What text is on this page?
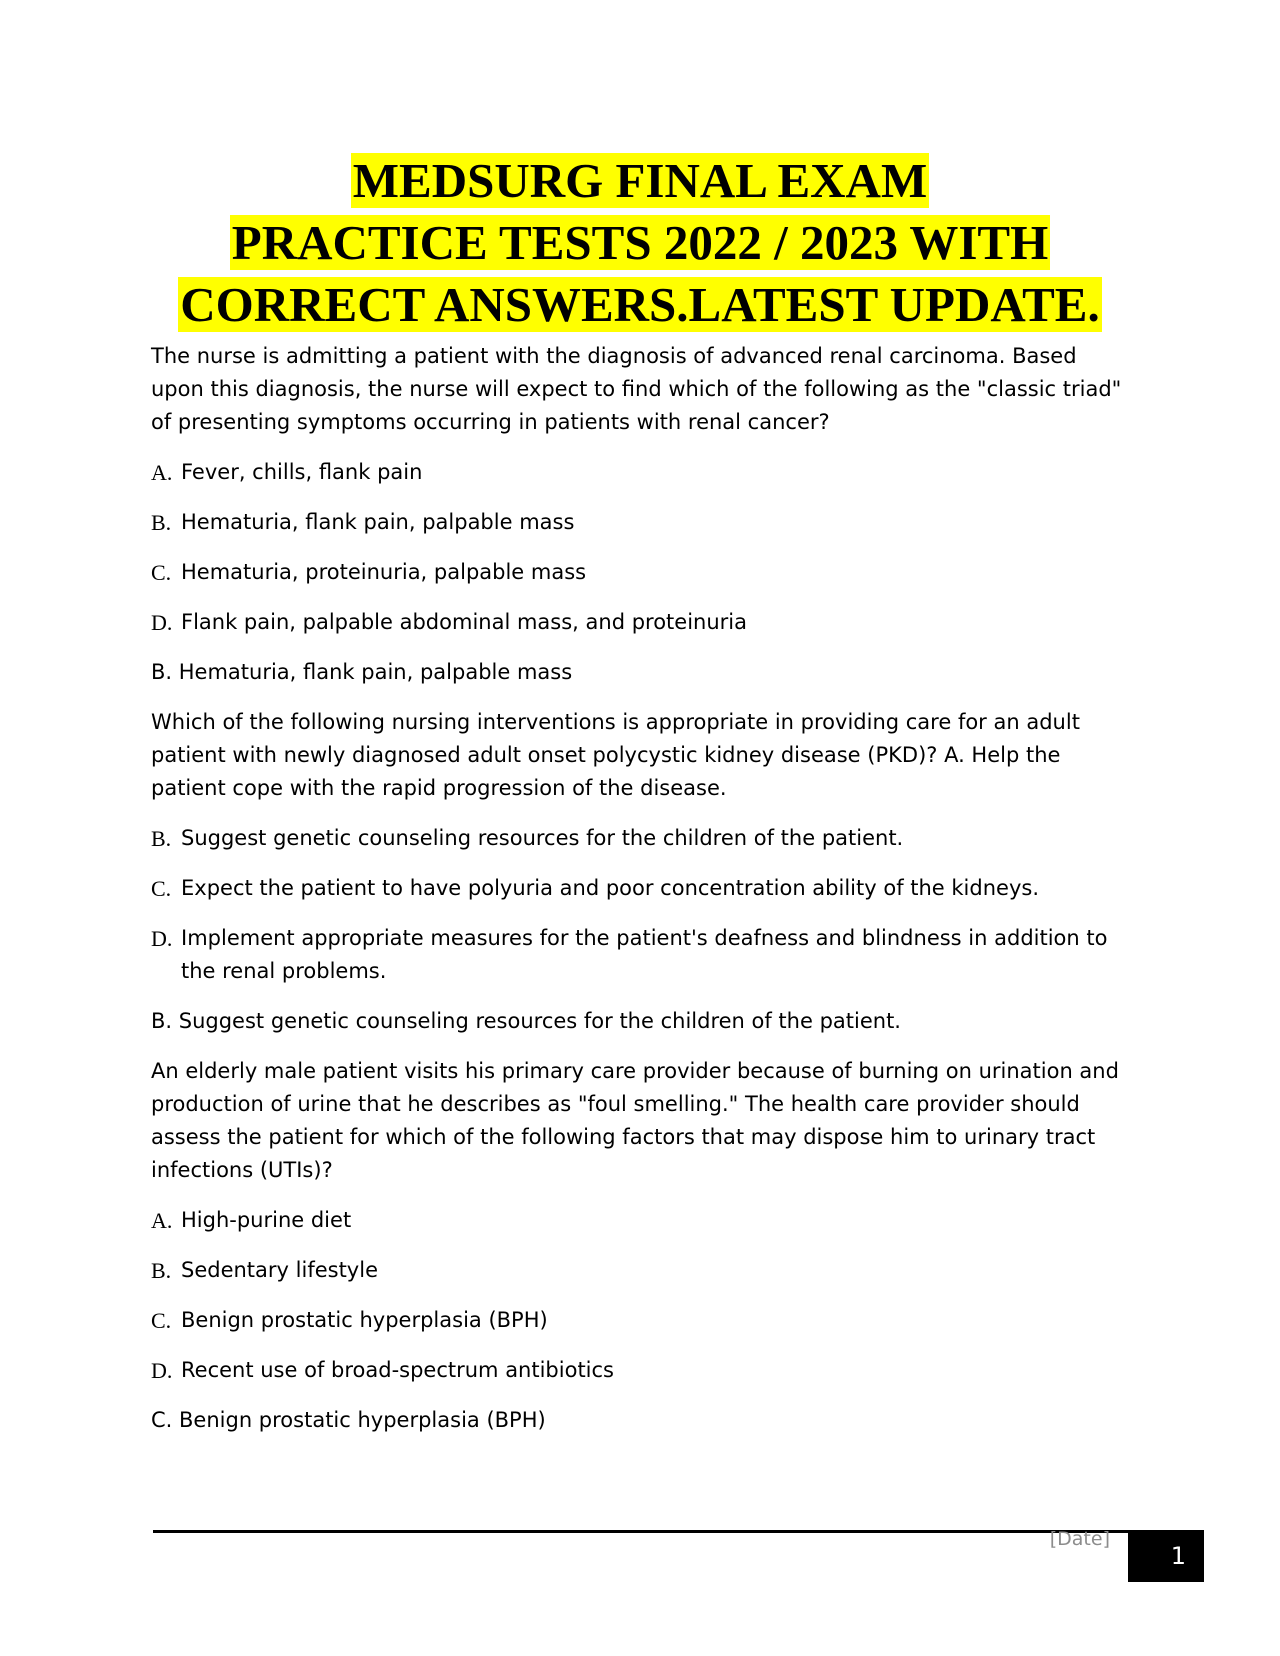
MEDSURG FINAL EXAM
PRACTICE TESTS 2022 / 2023 WITH
CORRECT ANSWERS.LATEST UPDATE.

The nurse is admitting a patient with the diagnosis of advanced renal carcinoma. Based upon this diagnosis, the nurse will expect to find which of the following as the "classic triad" of presenting symptoms occurring in patients with renal cancer?

A. Fever, chills, flank pain
B. Hematuria, flank pain, palpable mass
C. Hematuria, proteinuria, palpable mass
D. Flank pain, palpable abdominal mass, and proteinuria

B. Hematuria, flank pain, palpable mass

Which of the following nursing interventions is appropriate in providing care for an adult patient with newly diagnosed adult onset polycystic kidney disease (PKD)? A. Help the patient cope with the rapid progression of the disease.

B. Suggest genetic counseling resources for the children of the patient.
C. Expect the patient to have polyuria and poor concentration ability of the kidneys.
D. Implement appropriate measures for the patient's deafness and blindness in addition to the renal problems.

B. Suggest genetic counseling resources for the children of the patient.

An elderly male patient visits his primary care provider because of burning on urination and production of urine that he describes as "foul smelling." The health care provider should assess the patient for which of the following factors that may dispose him to urinary tract infections (UTIs)?

A. High-purine diet
B. Sedentary lifestyle
C. Benign prostatic hyperplasia (BPH)
D. Recent use of broad-spectrum antibiotics

C. Benign prostatic hyperplasia (BPH)

[Date]
1
